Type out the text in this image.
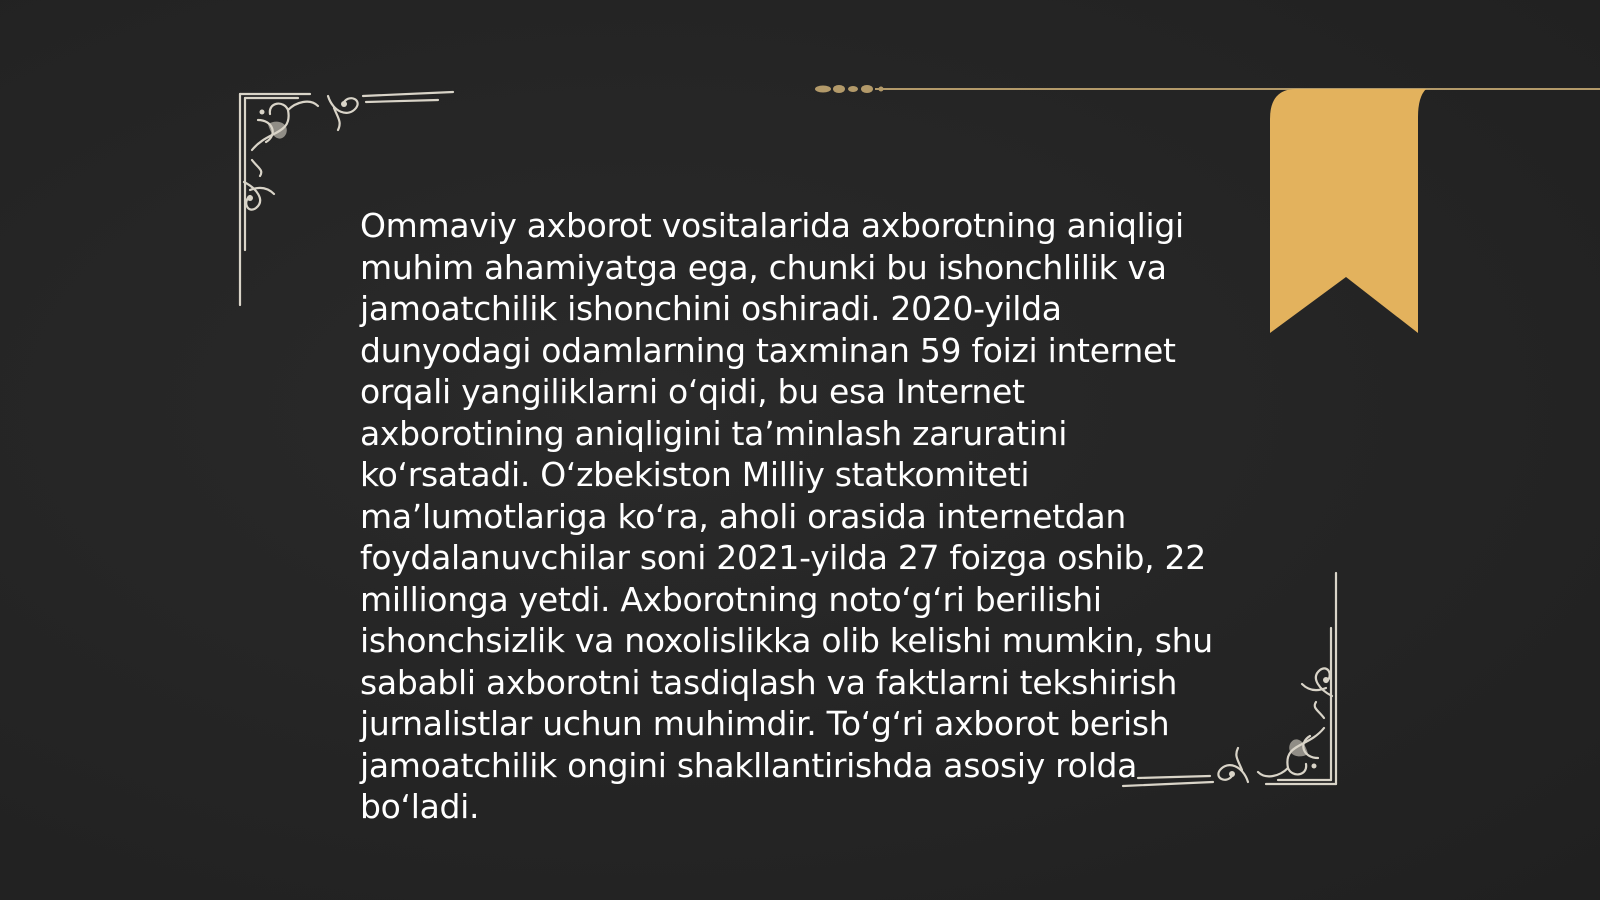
Ommaviy axborot vositalarida axborotning aniqligi muhim ahamiyatga ega, chunki bu ishonchlilik va jamoatchilik ishonchini oshiradi. 2020-yilda dunyodagi odamlarning taxminan 59 foizi internet orqali yangiliklarni o‘qidi, bu esa Internet axborotining aniqligini ta’minlash zaruratini ko‘rsatadi. O‘zbekiston Milliy statkomiteti ma’lumotlariga ko‘ra, aholi orasida internetdan foydalanuvchilar soni 2021-yilda 27 foizga oshib, 22 millionga yetdi. Axborotning noto‘g‘ri berilishi ishonchsizlik va noxolislikka olib kelishi mumkin, shu sababli axborotni tasdiqlash va faktlarni tekshirish jurnalistlar uchun muhimdir. To‘g‘ri axborot berish jamoatchilik ongini shakllantirishda asosiy rolda bo‘ladi.
